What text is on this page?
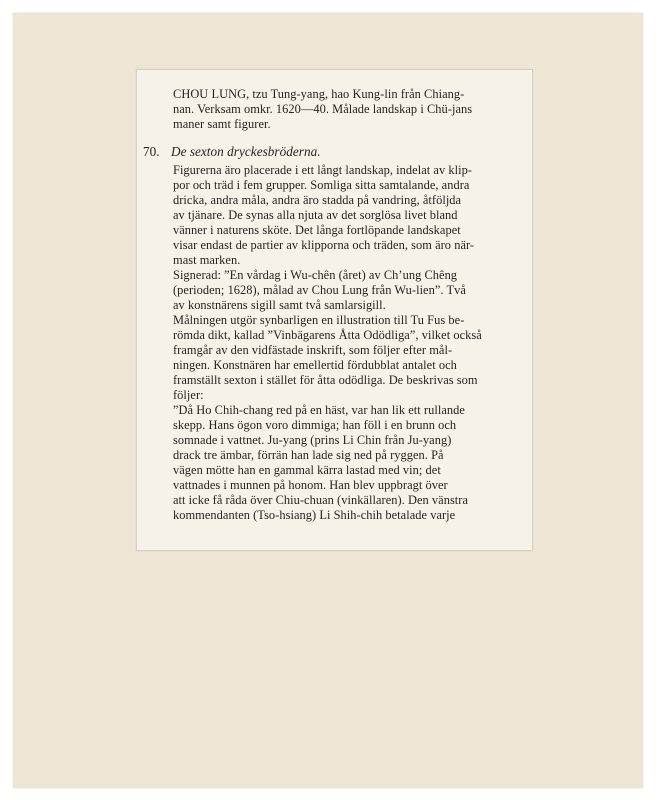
CHOU LUNG, tzu Tung-yang, hao Kung-lin från Chiang-
nan. Verksam omkr. 1620—40. Målade landskap i Chü-jans
maner samt figurer.
70. De sexton dryckesbröderna.
Figurerna äro placerade i ett långt landskap, indelat av klip-
por och träd i fem grupper. Somliga sitta samtalande, andra
dricka, andra måla, andra äro stadda på vandring, åtföljda
av tjänare. De synas alla njuta av det sorglösa livet bland
vänner i naturens sköte. Det långa fortlöpande landskapet
visar endast de partier av klipporna och träden, som äro när-
mast marken.
Signerad: ”En vårdag i Wu-chên (året) av Ch’ung Chêng
(perioden; 1628), målad av Chou Lung från Wu-lien”. Två
av konstnärens sigill samt två samlarsigill.
Målningen utgör synbarligen en illustration till Tu Fus be-
römda dikt, kallad ”Vinbägarens Åtta Odödliga”, vilket också
framgår av den vidfästade inskrift, som följer efter mål-
ningen. Konstnären har emellertid fördubblat antalet och
framställt sexton i stället för åtta odödliga. De beskrivas som
följer:
”Då Ho Chih-chang red på en häst, var han lik ett rullande
skepp. Hans ögon voro dimmiga; han föll i en brunn och
somnade i vattnet. Ju-yang (prins Li Chin från Ju-yang)
drack tre ämbar, förrän han lade sig ned på ryggen. På
vägen mötte han en gammal kärra lastad med vin; det
vattnades i munnen på honom. Han blev uppbragt över
att icke få råda över Chiu-chuan (vinkällaren). Den vänstra
kommendanten (Tso-hsiang) Li Shih-chih betalade varje
